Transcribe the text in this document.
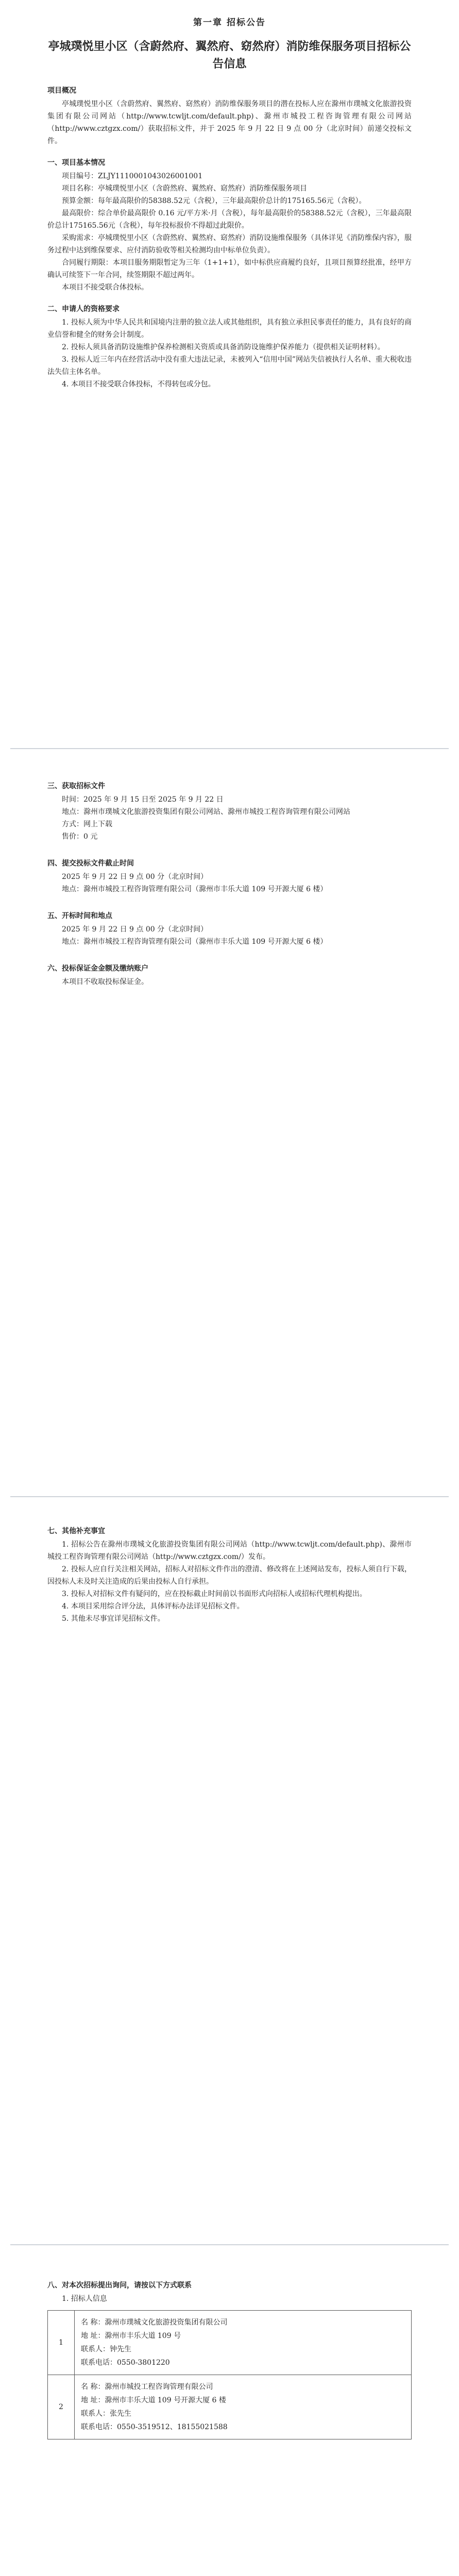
第一章 招标公告
亭城璞悦里小区（含蔚然府、翼然府、窈然府）消防维保服务项目招标公告信息
项目概况

亭城璞悦里小区（含蔚然府、翼然府、窈然府）消防维保服务项目的潜在投标人应在滁州市璞城文化旅游投资集团有限公司网站（http://www.tcwljt.com/default.php)、滁州市城投工程咨询管理有限公司网站（http://www.cztgzx.com/）获取招标文件，并于 2025 年 9 月 22 日 9 点 00 分（北京时间）前递交投标文件。

一、项目基本情况

项目编号：ZLJY1110001043026001001

项目名称：亭城璞悦里小区（含蔚然府、翼然府、窈然府）消防维保服务项目

预算金额：每年最高限价的58388.52元（含税），三年最高限价总计的175165.56元（含税）。

最高限价：综合单价最高限价 0.16 元/平方米·月（含税），每年最高限价的58388.52元（含税），三年最高限价总计175165.56元（含税），每年投标报价不得超过此限价。

采购需求：亭城璞悦里小区（含蔚然府、翼然府、窈然府）消防设施维保服务（具体详见《消防维保内容》，服务过程中达到维保要求、应付消防验收等相关检测均由中标单位负责）。

合同履行期限：本项目服务期限暂定为三年（1+1+1），如中标供应商履约良好，且项目预算经批准，经甲方确认可续签下一年合同，续签期限不超过两年。

本项目不接受联合体投标。

二、申请人的资格要求

1. 投标人须为中华人民共和国境内注册的独立法人或其他组织，具有独立承担民事责任的能力，具有良好的商业信誉和健全的财务会计制度。

2. 投标人须具备消防设施维护保养检测相关资质或具备消防设施维护保养能力（提供相关证明材料）。

3. 投标人近三年内在经营活动中没有重大违法记录，未被列入“信用中国”网站失信被执行人名单、重大税收违法失信主体名单。

4. 本项目不接受联合体投标，不得转包或分包。

三、获取招标文件

时间：2025 年 9 月 15 日至 2025 年 9 月 22 日

地点：滁州市璞城文化旅游投资集团有限公司网站、滁州市城投工程咨询管理有限公司网站

方式：网上下载

售价：0 元

四、提交投标文件截止时间

2025 年 9 月 22 日 9 点 00 分（北京时间）

地点：滁州市城投工程咨询管理有限公司（滁州市丰乐大道 109 号开源大厦 6 楼）

五、开标时间和地点

2025 年 9 月 22 日 9 点 00 分（北京时间）

地点：滁州市城投工程咨询管理有限公司（滁州市丰乐大道 109 号开源大厦 6 楼）

六、投标保证金金额及缴纳账户

本项目不收取投标保证金。

七、其他补充事宜

1. 招标公告在滁州市璞城文化旅游投资集团有限公司网站（http://www.tcwljt.com/default.php)、滁州市城投工程咨询管理有限公司网站（http://www.cztgzx.com/）发布。

2. 投标人应自行关注相关网站，招标人对招标文件作出的澄清、修改将在上述网站发布，投标人须自行下载，因投标人未及时关注造成的后果由投标人自行承担。

3. 投标人对招标文件有疑问的，应在投标截止时间前以书面形式向招标人或招标代理机构提出。

4. 本项目采用综合评分法，具体评标办法详见招标文件。

5. 其他未尽事宜详见招标文件。

八、对本次招标提出询问，请按以下方式联系

1. 招标人信息

1	名 称：滁州市璞城文化旅游投资集团有限公司
地 址：滁州市丰乐大道 109 号
联系人：钟先生
联系电话：0550-3801220

2	名 称：滁州市城投工程咨询管理有限公司
地 址：滁州市丰乐大道 109 号开源大厦 6 楼
联系人：张先生
联系电话：0550-3519512、18155021588
